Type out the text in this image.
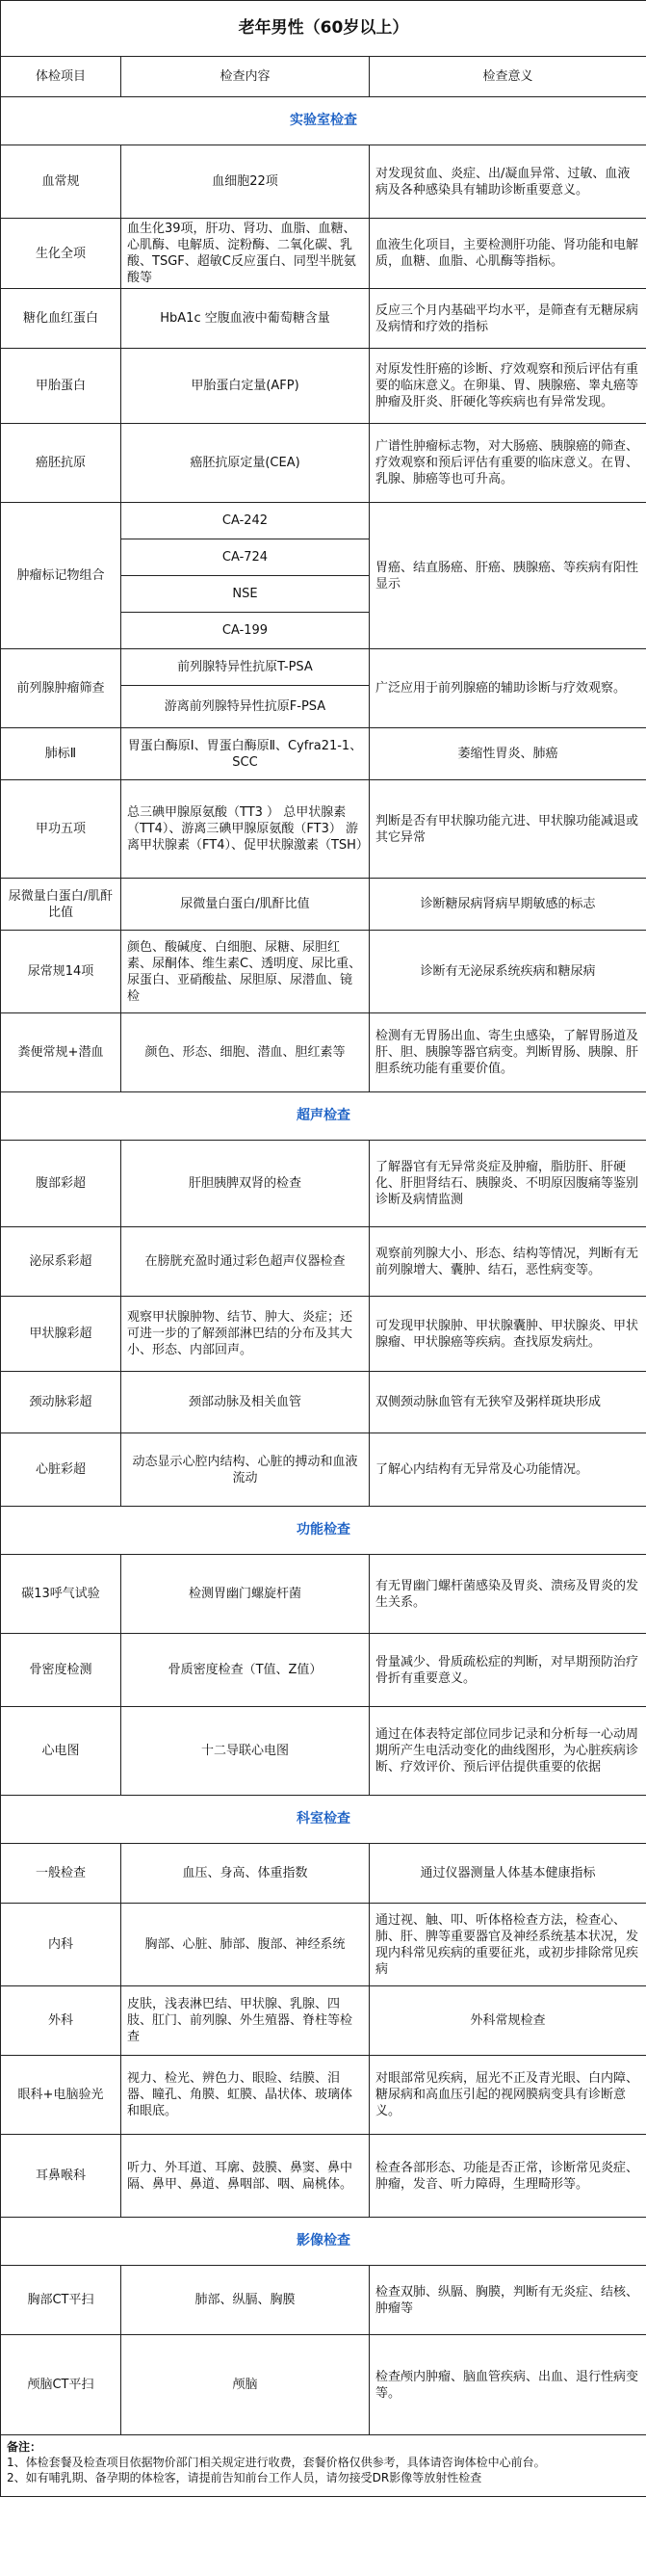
老年男性（60岁以上）		
体检项目	检查内容	检查意义
实验室检查		
血常规	血细胞22项	对发现贫血、炎症、出/凝血异常、过敏、血液病及各种感染具有辅助诊断重要意义。
生化全项	血生化39项，肝功、肾功、血脂、血糖、心肌酶、电解质、淀粉酶、二氧化碳、乳酸、TSGF、超敏C反应蛋白、同型半胱氨酸等	血液生化项目，主要检测肝功能、肾功能和电解质，血糖、血脂、心肌酶等指标。
糖化血红蛋白	HbA1c 空腹血液中葡萄糖含量	反应三个月内基础平均水平，是筛查有无糖尿病及病情和疗效的指标
甲胎蛋白	甲胎蛋白定量(AFP)	对原发性肝癌的诊断、疗效观察和预后评估有重要的临床意义。在卵巢、胃、胰腺癌、睾丸癌等肿瘤及肝炎、肝硬化等疾病也有异常发现。
癌胚抗原	癌胚抗原定量(CEA)	广谱性肿瘤标志物，对大肠癌、胰腺癌的筛查、疗效观察和预后评估有重要的临床意义。在胃、乳腺、肺癌等也可升高。
肿瘤标记物组合	CA-242	胃癌、结直肠癌、肝癌、胰腺癌、等疾病有阳性显示
	CA-724	
	NSE	
	CA-199	
前列腺肿瘤筛查	前列腺特异性抗原T-PSA	广泛应用于前列腺癌的辅助诊断与疗效观察。
	游离前列腺特异性抗原F-PSA	
肺标Ⅱ	胃蛋白酶原Ⅰ、胃蛋白酶原Ⅱ、Cyfra21-1、SCC	萎缩性胃炎、肺癌
甲功五项	总三碘甲腺原氨酸（TT3 ） 总甲状腺素（TT4）、游离三碘甲腺原氨酸（FT3） 游离甲状腺素（FT4）、促甲状腺激素（TSH）	判断是否有甲状腺功能亢进、甲状腺功能减退或其它异常
尿微量白蛋白/肌酐比值	尿微量白蛋白/肌酐比值	诊断糖尿病肾病早期敏感的标志
尿常规14项	颜色、酸碱度、白细胞、尿糖、尿胆红素、尿酮体、维生素C、透明度、尿比重、尿蛋白、亚硝酸盐、尿胆原、尿潜血、镜检	诊断有无泌尿系统疾病和糖尿病
粪便常规+潜血	颜色、形态、细胞、潜血、胆红素等	检测有无胃肠出血、寄生虫感染，了解胃肠道及肝、胆、胰腺等器官病变。判断胃肠、胰腺、肝胆系统功能有重要价值。
超声检查		
腹部彩超	肝胆胰脾双肾的检查	了解器官有无异常炎症及肿瘤，脂肪肝、肝硬化、肝胆肾结石、胰腺炎、不明原因腹痛等鉴别诊断及病情监测
泌尿系彩超	在膀胱充盈时通过彩色超声仪器检查	观察前列腺大小、形态、结构等情况，判断有无前列腺增大、囊肿、结石，恶性病变等。
甲状腺彩超	观察甲状腺肿物、结节、肿大、炎症；还可进一步的了解颈部淋巴结的分布及其大小、形态、内部回声。	可发现甲状腺肿、甲状腺囊肿、甲状腺炎、甲状腺瘤、甲状腺癌等疾病。查找原发病灶。
颈动脉彩超	颈部动脉及相关血管	双侧颈动脉血管有无狭窄及粥样斑块形成
心脏彩超	动态显示心腔内结构、心脏的搏动和血液流动	了解心内结构有无异常及心功能情况。
功能检查		
碳13呼气试验	检测胃幽门螺旋杆菌	有无胃幽门螺杆菌感染及胃炎、溃疡及胃炎的发生关系。
骨密度检测	骨质密度检查（T值、Z值）	骨量减少、骨质疏松症的判断，对早期预防治疗骨折有重要意义。
心电图	十二导联心电图	通过在体表特定部位同步记录和分析每一心动周期所产生电活动变化的曲线图形，为心脏疾病诊断、疗效评价、预后评估提供重要的依据
科室检查		
一般检查	血压、身高、体重指数	通过仪器测量人体基本健康指标
内科	胸部、心脏、肺部、腹部、神经系统	通过视、触、叩、听体格检查方法，检查心、肺、肝、脾等重要器官及神经系统基本状况，发现内科常见疾病的重要征兆，或初步排除常见疾病
外科	皮肤，浅表淋巴结、甲状腺、乳腺、四肢、肛门、前列腺、外生殖器、脊柱等检查	外科常规检查
眼科+电脑验光	视力、检光、辨色力、眼睑、结膜、泪器、瞳孔、角膜、虹膜、晶状体、玻璃体和眼底。	对眼部常见疾病，屈光不正及青光眼、白内障、糖尿病和高血压引起的视网膜病变具有诊断意义。
耳鼻喉科	听力、外耳道、耳廓、鼓膜、鼻窦、鼻中隔、鼻甲、鼻道、鼻咽部、咽、扁桃体。	检查各部形态、功能是否正常，诊断常见炎症、肿瘤，发音、听力障碍，生理畸形等。
影像检查		
胸部CT平扫	肺部、纵膈、胸膜	检查双肺、纵膈、胸膜，判断有无炎症、结核、肿瘤等
颅脑CT平扫	颅脑	检查颅内肿瘤、脑血管疾病、出血、退行性病变等。

备注：
1、体检套餐及检查项目依据物价部门相关规定进行收费，套餐价格仅供参考，具体请咨询体检中心前台。
2、如有哺乳期、备孕期的体检客，请提前告知前台工作人员，请勿接受DR影像等放射性检查		
